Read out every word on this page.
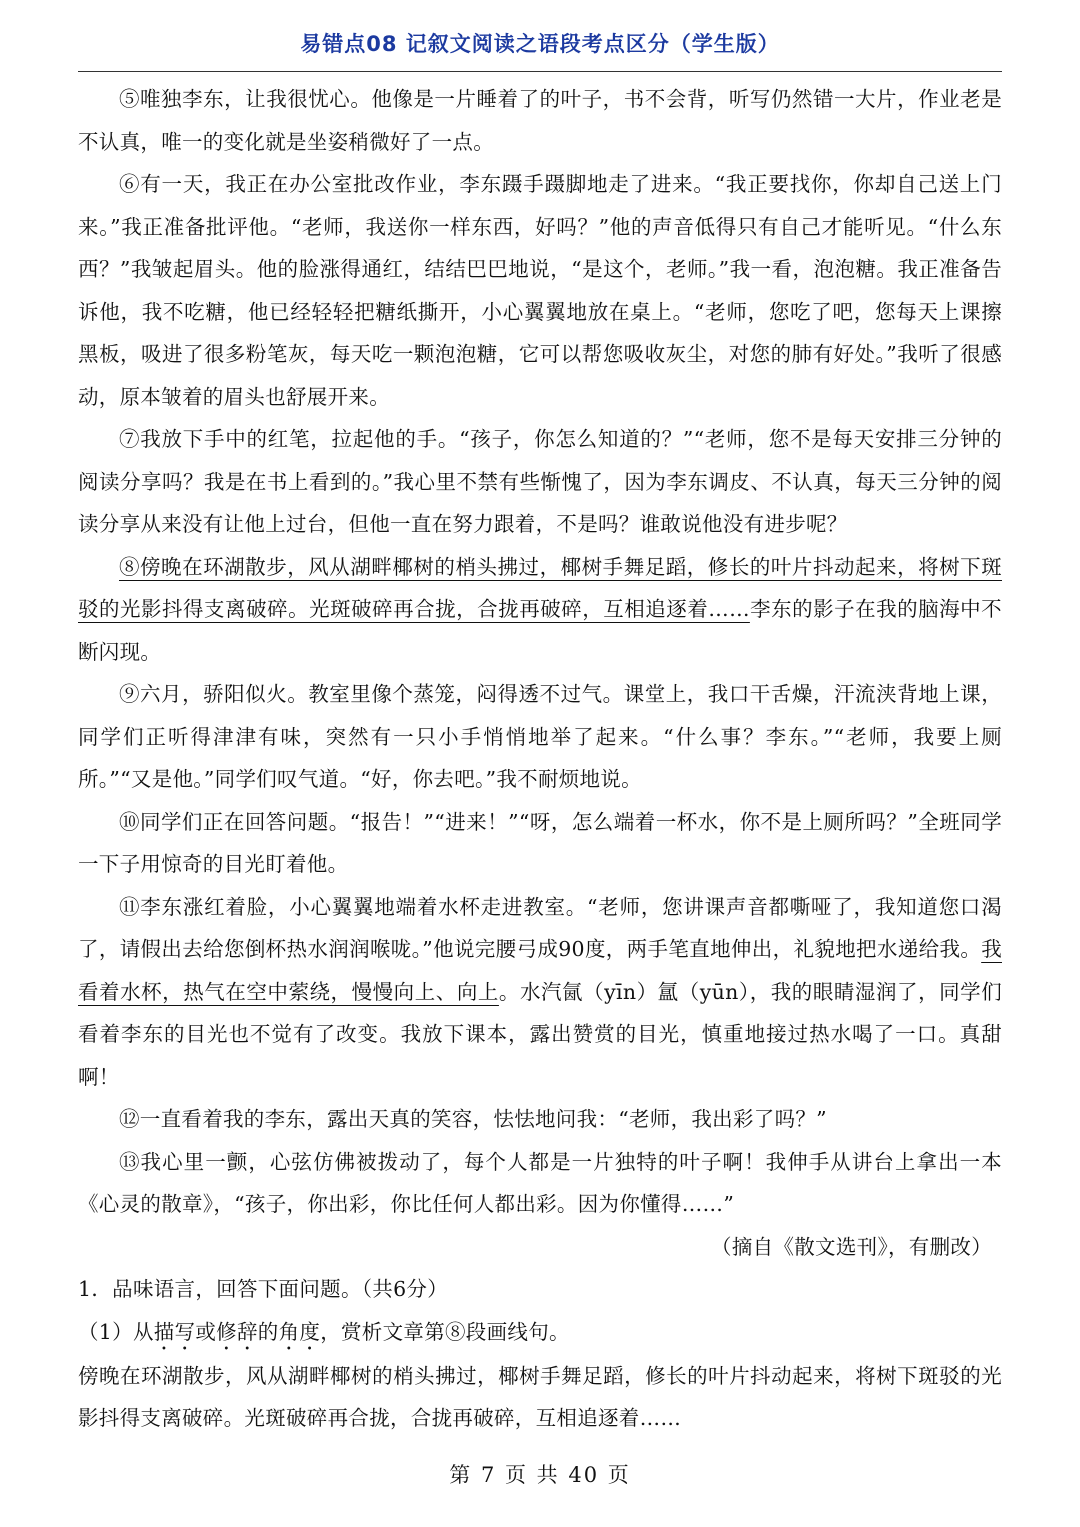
易错点08 记叙文阅读之语段考点区分（学生版）

⑤唯独李东，让我很忧心。他像是一片睡着了的叶子，书不会背，听写仍然错一大片，作业老是不认真，唯一的变化就是坐姿稍微好了一点。

⑥有一天，我正在办公室批改作业，李东蹑手蹑脚地走了进来。“我正要找你，你却自己送上门来。”我正准备批评他。“老师，我送你一样东西，好吗？”他的声音低得只有自己才能听见。“什么东西？”我皱起眉头。他的脸涨得通红，结结巴巴地说，“是这个，老师。”我一看，泡泡糖。我正准备告诉他，我不吃糖，他已经轻轻把糖纸撕开，小心翼翼地放在桌上。“老师，您吃了吧，您每天上课擦黑板，吸进了很多粉笔灰，每天吃一颗泡泡糖，它可以帮您吸收灰尘，对您的肺有好处。”我听了很感动，原本皱着的眉头也舒展开来。

⑦我放下手中的红笔，拉起他的手。“孩子，你怎么知道的？”“老师，您不是每天安排三分钟的阅读分享吗？我是在书上看到的。”我心里不禁有些惭愧了，因为李东调皮、不认真，每天三分钟的阅读分享从来没有让他上过台，但他一直在努力跟着，不是吗？谁敢说他没有进步呢？

⑧傍晚在环湖散步，风从湖畔椰树的梢头拂过，椰树手舞足蹈，修长的叶片抖动起来，将树下斑驳的光影抖得支离破碎。光斑破碎再合拢，合拢再破碎，互相追逐着……李东的影子在我的脑海中不断闪现。

⑨六月，骄阳似火。教室里像个蒸笼，闷得透不过气。课堂上，我口干舌燥，汗流浃背地上课，同学们正听得津津有味，突然有一只小手悄悄地举了起来。“什么事？李东。”“老师，我要上厕所。”“又是他。”同学们叹气道。“好，你去吧。”我不耐烦地说。

⑩同学们正在回答问题。“报告！”“进来！”“呀，怎么端着一杯水，你不是上厕所吗？”全班同学一下子用惊奇的目光盯着他。

⑪李东涨红着脸，小心翼翼地端着水杯走进教室。“老师，您讲课声音都嘶哑了，我知道您口渴了，请假出去给您倒杯热水润润喉咙。”他说完腰弓成90度，两手笔直地伸出，礼貌地把水递给我。我看着水杯，热气在空中萦绕，慢慢向上、向上。水汽氤（yīn）氲（yūn），我的眼睛湿润了，同学们看着李东的目光也不觉有了改变。我放下课本，露出赞赏的目光，慎重地接过热水喝了一口。真甜啊！

⑫一直看着我的李东，露出天真的笑容，怯怯地问我：“老师，我出彩了吗？”

⑬我心里一颤，心弦仿佛被拨动了，每个人都是一片独特的叶子啊！我伸手从讲台上拿出一本《心灵的散章》，“孩子，你出彩，你比任何人都出彩。因为你懂得……”

（摘自《散文选刊》，有删改）

1．品味语言，回答下面问题。（共6分）

（1）从描写或修辞的角度，赏析文章第⑧段画线句。

傍晚在环湖散步，风从湖畔椰树的梢头拂过，椰树手舞足蹈，修长的叶片抖动起来，将树下斑驳的光影抖得支离破碎。光斑破碎再合拢，合拢再破碎，互相追逐着……

第 7 页 共 40 页
